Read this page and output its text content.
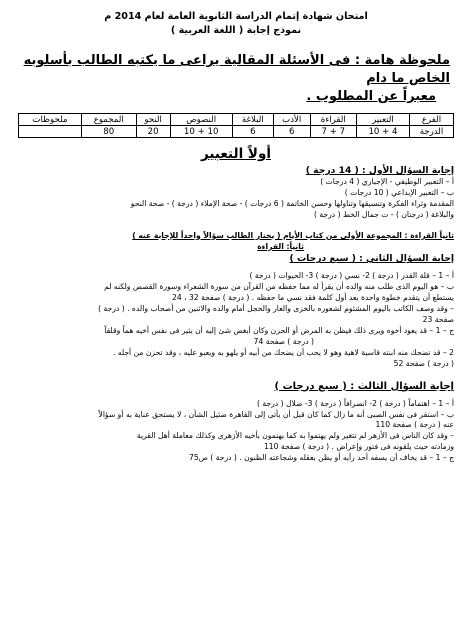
امتحان شهادة إتمام الدراسة الثانوية العامة لعام 2014 م
نموذج إجابة ( اللغة العربية )
ملحوظة هامة : فى الأسئلة المقالية يراعى ما يكتبه الطالب بأسلوبه الخاص ما دام
معبراً عن المطلوب .
الفرع	التعبير	القراءة	الأدب	البلاغة	النصوص	النحو	المجموع	ملحوظات
الدرجة	4 + 10	7 + 7	6	6	10 + 10	20	80	
أولاً التعبير
إجابة السؤال الأول : ( 14 درجة )
أ – التعبير الوظيفي - الإجباري ( 4 درجات )
ب – التعبير الإبداعي ( 10 درجات )
المقدمة وثراء الفكرة وتنسيقها وتناولها وحسن الخاتمة ( 6 درجات ) - صحة الإملاء ( درجة ) - صحة النحو
والبلاغة ( درجتان ) - ت جمال الخط ( درجة )
ثانياً القراءة : المجموعة الأولى من كتاب الأيام ( يختار الطالب سؤالاً واحداً للإجابة عنه )
ثانياً: القراءة
إجابة السؤال الثاني : ( سبع درجات )
أ – 1 – قلة القدر ( درجة ) 2- نسي ( درجة ) 3- الحيوات ( درجة )
ب – هو اليوم الذى طلب منه والده أن يقرأ له مما حفظه من القرآن من سورة الشعراء وسورة القصص ولكنه لم
يستطع أن يتقدم خطوة واحدة بعد أول كلمة فقد نسي ما حفظه . ( درجة ) صفحة 32 ، 24
– وقد وصف الكاتب باليوم المشئوم لشعوره بالخزى والعار والخجل أمام والده والاثنين من أصحاب والده . ( درجة )
صفحة 23
ج – 1 – قد يعود أخوه ويرى ذلك فيظن به المرض أو الحزن وكان أبغض شئ إليه أن يثير فى نفس أخيه هماً وقلقاً
( درجة ) صفحة 74
2 – قد تضحك منه ابنته قاسية لاهية وهو لا يحب أن يضحك من أبيه أو يلهو به ويعبو عليه ، وقد تحزن من أجله .
( درجة ) صفحة 52
إجابة السؤال الثالث : ( سبع درجات )
أ – 1 – اهتماماً ( درجة ) 2- انصرافاً ( درجة ) 3- ضلال ( درجة )
ب – استقر فى نفس الصبى أنه ما زال كما كان قبل أن يأتى إلى القاهرة ضئيل الشأن ، لا يستحق عناية به أو سؤالاً
عنه ( درجة ) صفحة 110
– وقد كان الناس فى الأزهر لم تتغير ولم يهتموا به كما يهتمون بأخيه الأزهرى وكذلك معاملة أهل القرية
وزمادته حيث يلقونه فى فتور وإعراض . ( درجة ) صفحة 110
ج – 1 – قد يخاف أن يسفه أحد رأيه أو يظن بعقله وشجاعته الظنون . ( درجة ) ص75
